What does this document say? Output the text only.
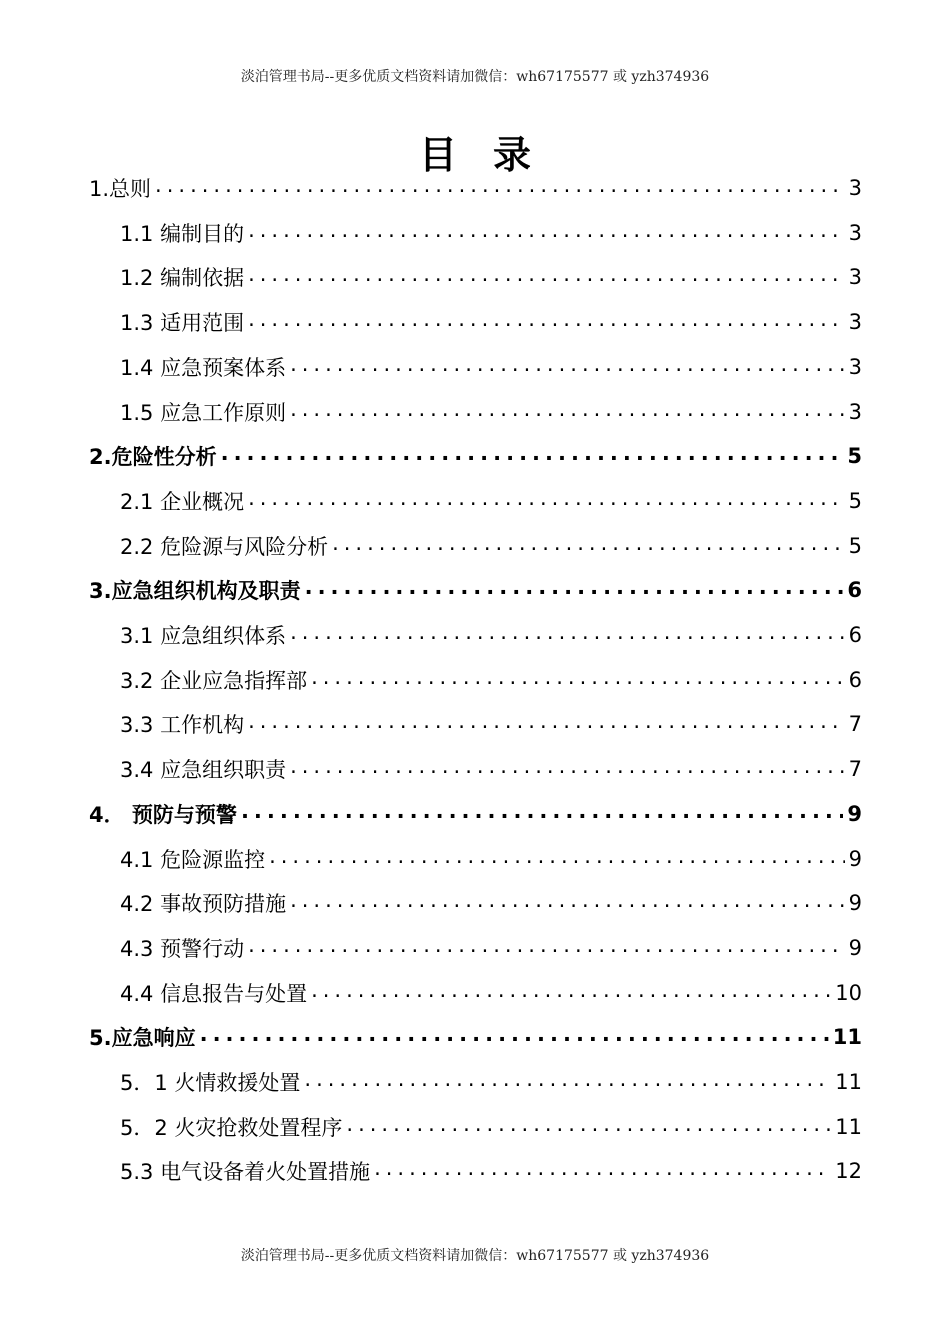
淡泊管理书局--更多优质文档资料请加微信：wh67175577 或 yzh374936
目录
1.总则 .....	3
1.1 编制目的 .....	3
1.2 编制依据 .....	3
1.3 适用范围 .....	3
1.4 应急预案体系 .....	3
1.5 应急工作原则 .....	3
2.危险性分析 .....	5
2.1 企业概况 .....	5
2.2 危险源与风险分析 .....	5
3.应急组织机构及职责 .....	6
3.1 应急组织体系 .....	6
3.2 企业应急指挥部 .....	6
3.3 工作机构 .....	7
3.4 应急组织职责 .....	7
4． 预防与预警 .....	9
4.1 危险源监控 .....	9
4.2 事故预防措施 .....	9
4.3 预警行动 .....	9
4.4 信息报告与处置 .....	10
5.应急响应 .....	11
5．1 火情救援处置 .....	11
5．2 火灾抢救处置程序 .....	11
5.3 电气设备着火处置措施 .....	12
淡泊管理书局--更多优质文档资料请加微信：wh67175577 或 yzh374936
